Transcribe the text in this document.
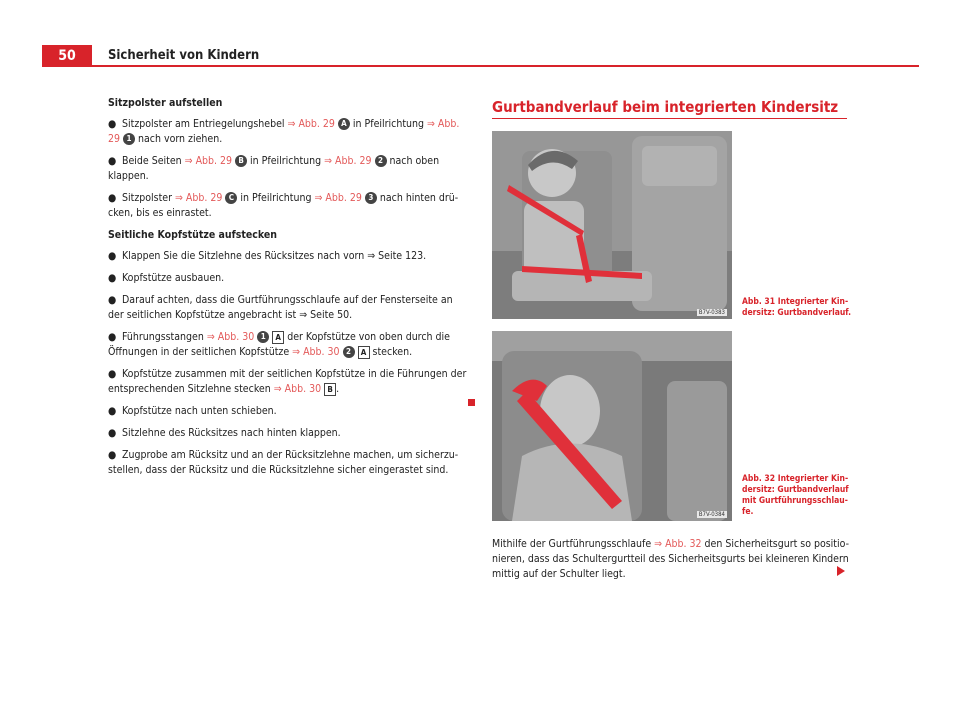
50	Sicherheit von Kindern

Sitzpolster aufstellen

● Sitzpolster am Entriegelungshebel ⇒ Abb. 29 A in Pfeilrichtung ⇒ Abb. 29 1 nach vorn ziehen.

● Beide Seiten ⇒ Abb. 29 B in Pfeilrichtung ⇒ Abb. 29 2 nach oben klappen.

● Sitzpolster ⇒ Abb. 29 C in Pfeilrichtung ⇒ Abb. 29 3 nach hinten drü-cken, bis es einrastet.

Seitliche Kopfstütze aufstecken

● Klappen Sie die Sitzlehne des Rücksitzes nach vorn ⇒ Seite 123.

● Kopfstütze ausbauen.

● Darauf achten, dass die Gurtführungsschlaufe auf der Fensterseite an der seitlichen Kopfstütze angebracht ist ⇒ Seite 50.

● Führungsstangen ⇒ Abb. 30 1 A der Kopfstütze von oben durch die Öffnungen in der seitlichen Kopfstütze ⇒ Abb. 30 2 A stecken.

● Kopfstütze zusammen mit der seitlichen Kopfstütze in die Führungen der entsprechenden Sitzlehne stecken ⇒ Abb. 30 B .

● Kopfstütze nach unten schieben.

● Sitzlehne des Rücksitzes nach hinten klappen.

● Zugprobe am Rücksitz und an der Rücksitzlehne machen, um sicherzu-stellen, dass der Rücksitz und die Rücksitzlehne sicher eingerastet sind.

Gurtbandverlauf beim integrierten Kindersitz
B7V-0383
Abb. 31 Integrierter Kin-dersitz: Gurtbandverlauf.
B7V-0384
Abb. 32 Integrierter Kin-dersitz: Gurtbandverlauf mit Gurtführungsschlau-fe.
Mithilfe der Gurtführungsschlaufe ⇒ Abb. 32 den Sicherheitsgurt so positio-nieren, dass das Schultergurtteil des Sicherheitsgurts bei kleineren Kindern mittig auf der Schulter liegt.
